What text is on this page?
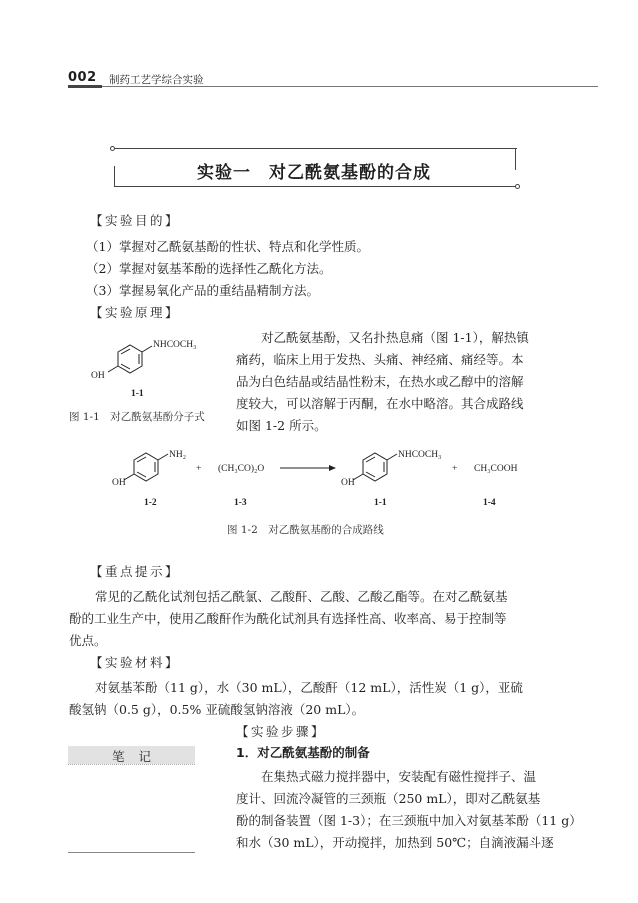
002 制药工艺学综合实验
实验一　对乙酰氨基酚的合成
【实验目的】
（1）掌握对乙酰氨基酚的性状、特点和化学性质。
（2）掌握对氨基苯酚的选择性乙酰化方法。
（3）掌握易氧化产品的重结晶精制方法。
【实验原理】
NHCOCH₃
OH
1-1
图 1-1　对乙酰氨基酚分子式
对乙酰氨基酚，又名扑热息痛（图 1-1），解热镇
痛药，临床上用于发热、头痛、神经痛、痛经等。本
品为白色结晶或结晶性粉末，在热水或乙醇中的溶解
度较大，可以溶解于丙酮，在水中略溶。其合成路线
如图 1-2 所示。
NH₂
OH
+ (CH₃CO)₂O
NHCOCH₃
OH
+ CH₃COOH
1-2	1-3	1-1	1-4
图 1-2　对乙酰氨基酚的合成路线
【重点提示】
常见的乙酰化试剂包括乙酰氯、乙酸酐、乙酸、乙酸乙酯等。在对乙酰氨基
酚的工业生产中，使用乙酸酐作为酰化试剂具有选择性高、收率高、易于控制等
优点。
【实验材料】
对氨基苯酚（11 g），水（30 mL），乙酸酐（12 mL），活性炭（1 g），亚硫
酸氢钠（0.5 g），0.5% 亚硫酸氢钠溶液（20 mL）。
【实验步骤】
笔记	1．对乙酰氨基酚的制备
在集热式磁力搅拌器中，安装配有磁性搅拌子、温
度计、回流冷凝管的三颈瓶（250 mL），即对乙酰氨基
酚的制备装置（图 1-3）；在三颈瓶中加入对氨基苯酚（11 g）
和水（30 mL），开动搅拌，加热到 50℃；自滴液漏斗逐
